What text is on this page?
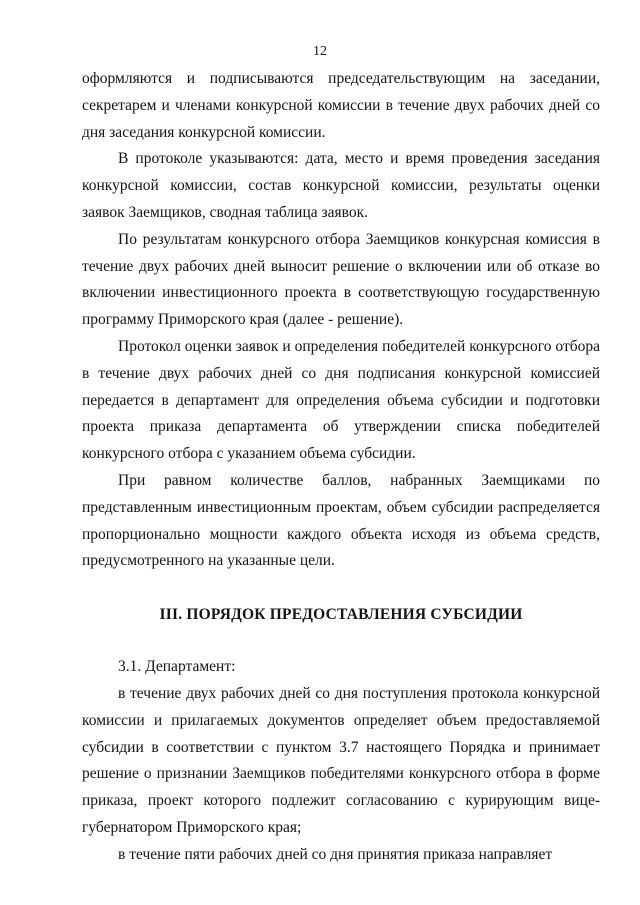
12

оформляются и подписываются председательствующим на заседании, секретарем и членами конкурсной комиссии в течение двух рабочих дней со дня заседания конкурсной комиссии.

В протоколе указываются: дата, место и время проведения заседания конкурсной комиссии, состав конкурсной комиссии, результаты оценки заявок Заемщиков, сводная таблица заявок.

По результатам конкурсного отбора Заемщиков конкурсная комиссия в течение двух рабочих дней выносит решение о включении или об отказе во включении инвестиционного проекта в соответствующую государственную программу Приморского края (далее - решение).

Протокол оценки заявок и определения победителей конкурсного отбора в течение двух рабочих дней со дня подписания конкурсной комиссией передается в департамент для определения объема субсидии и подготовки проекта приказа департамента об утверждении списка победителей конкурсного отбора с указанием объема субсидии.

При равном количестве баллов, набранных Заемщиками по представленным инвестиционным проектам, объем субсидии распределяется пропорционально мощности каждого объекта исходя из объема средств, предусмотренного на указанные цели.

III. ПОРЯДОК ПРЕДОСТАВЛЕНИЯ СУБСИДИИ

3.1. Департамент:

в течение двух рабочих дней со дня поступления протокола конкурсной комиссии и прилагаемых документов определяет объем предоставляемой субсидии в соответствии с пунктом 3.7 настоящего Порядка и принимает решение о признании Заемщиков победителями конкурсного отбора в форме приказа, проект которого подлежит согласованию с курирующим вице-губернатором Приморского края;

в течение пяти рабочих дней со дня принятия приказа направляет
